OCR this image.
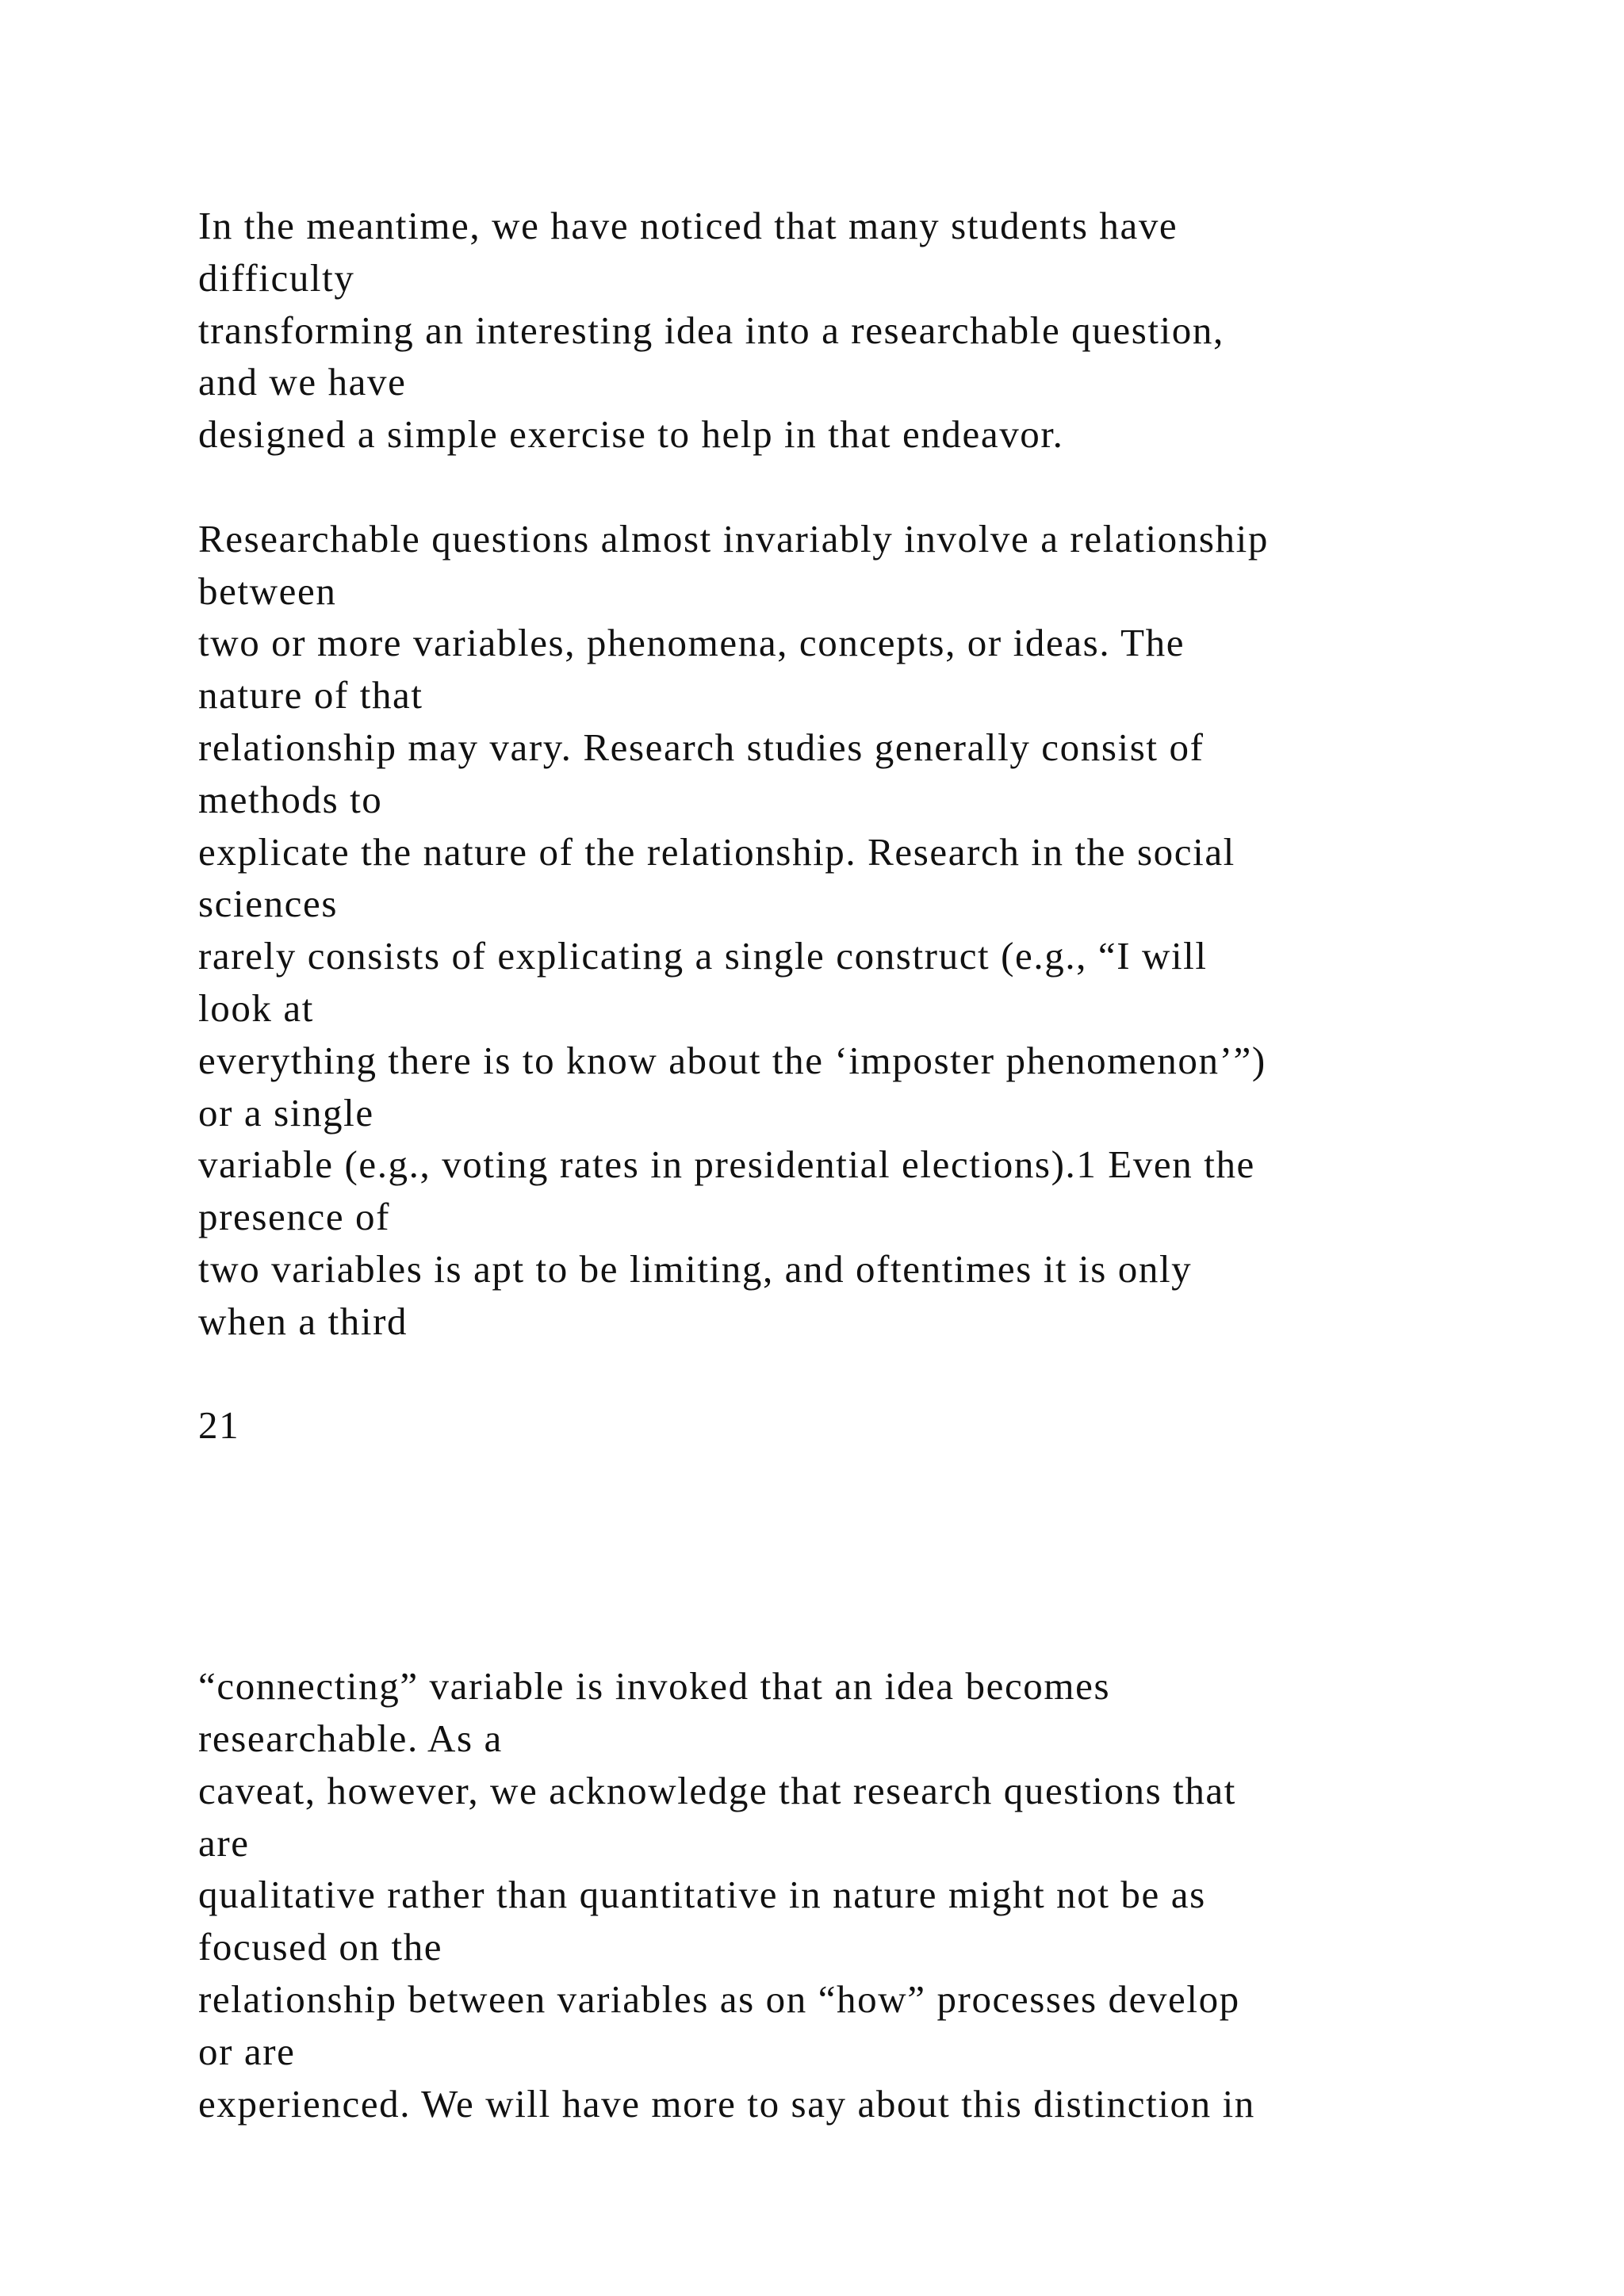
In the meantime, we have noticed that many students have
difficulty
transforming an interesting idea into a researchable question,
and we have
designed a simple exercise to help in that endeavor.
Researchable questions almost invariably involve a relationship
between
two or more variables, phenomena, concepts, or ideas. The
nature of that
relationship may vary. Research studies generally consist of
methods to
explicate the nature of the relationship. Research in the social
sciences
rarely consists of explicating a single construct (e.g., “I will
look at
everything there is to know about the ‘imposter phenomenon’”)
or a single
variable (e.g., voting rates in presidential elections).1 Even the
presence of
two variables is apt to be limiting, and oftentimes it is only
when a third
21
“connecting” variable is invoked that an idea becomes
researchable. As a
caveat, however, we acknowledge that research questions that
are
qualitative rather than quantitative in nature might not be as
focused on the
relationship between variables as on “how” processes develop
or are
experienced. We will have more to say about this distinction in
